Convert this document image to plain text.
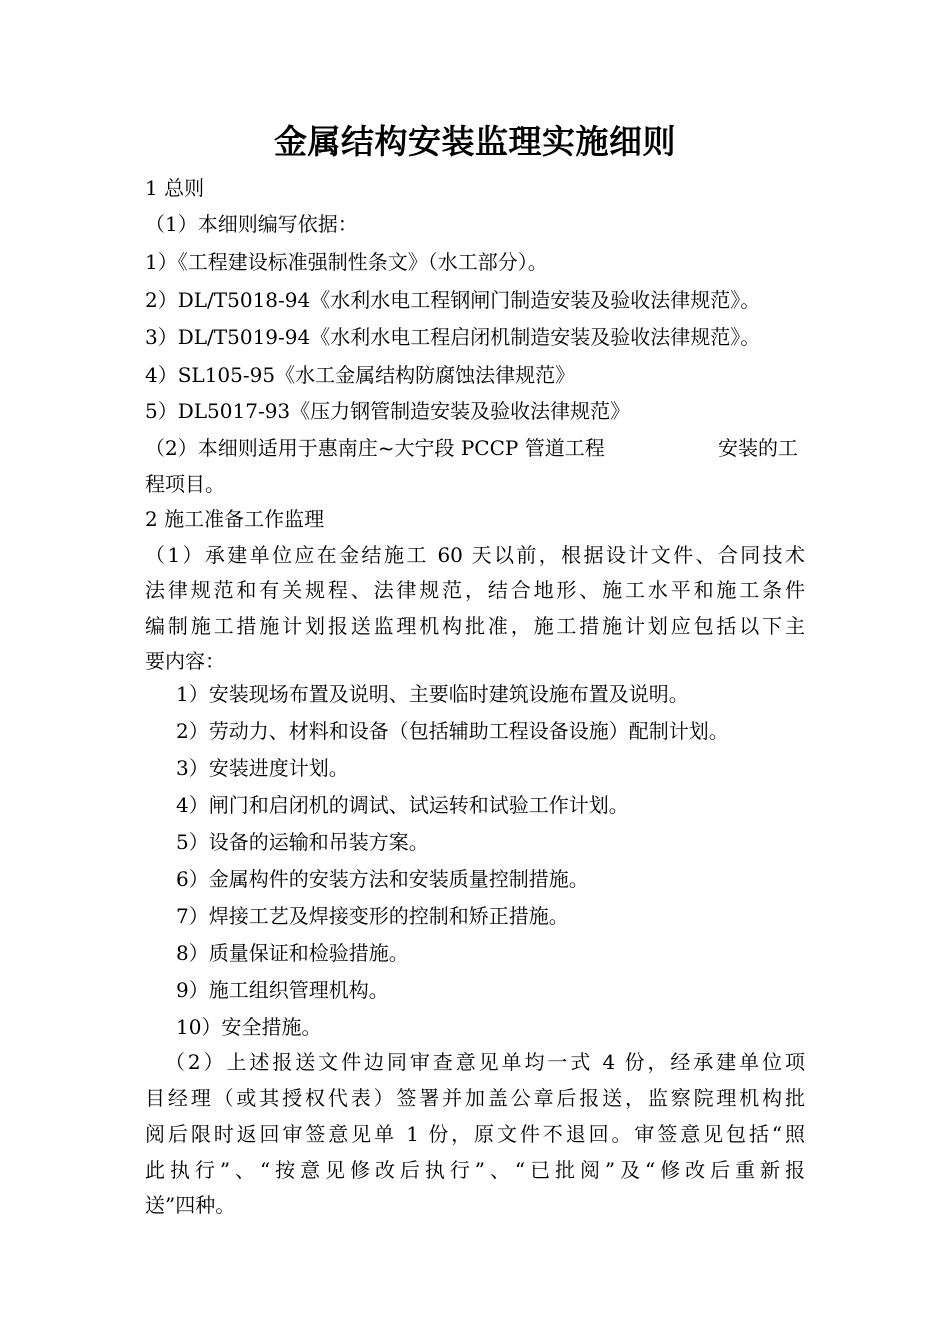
金属结构安装监理实施细则
1 总则
（1）本细则编写依据：
1）《工程建设标准强制性条文》（水工部分）。
2）DL/T5018-94《水利水电工程钢闸门制造安装及验收法律规范》。
3）DL/T5019-94《水利水电工程启闭机制造安装及验收法律规范》。
4）SL105-95《水工金属结构防腐蚀法律规范》
5）DL5017-93《压力钢管制造安装及验收法律规范》
（2）本细则适用于惠南庄~大宁段 PCCP 管道工程	安装的工
程项目。
2 施工准备工作监理
（1）承建单位应在金结施工 60 天以前，根据设计文件、合同技术
法律规范和有关规程、法律规范，结合地形、施工水平和施工条件
编制施工措施计划报送监理机构批准，施工措施计划应包括以下主
要内容：
1）安装现场布置及说明、主要临时建筑设施布置及说明。
2）劳动力、材料和设备（包括辅助工程设备设施）配制计划。
3）安装进度计划。
4）闸门和启闭机的调试、试运转和试验工作计划。
5）设备的运输和吊装方案。
6）金属构件的安装方法和安装质量控制措施。
7）焊接工艺及焊接变形的控制和矫正措施。
8）质量保证和检验措施。
9）施工组织管理机构。
10）安全措施。
（2）上述报送文件边同审查意见单均一式 4 份，经承建单位项
目经理（或其授权代表）签署并加盖公章后报送，监察院理机构批
阅后限时返回审签意见单 1 份，原文件不退回。审签意见包括“照
此执行”、“按意见修改后执行”、“已批阅”及“修改后重新报
送”四种。
